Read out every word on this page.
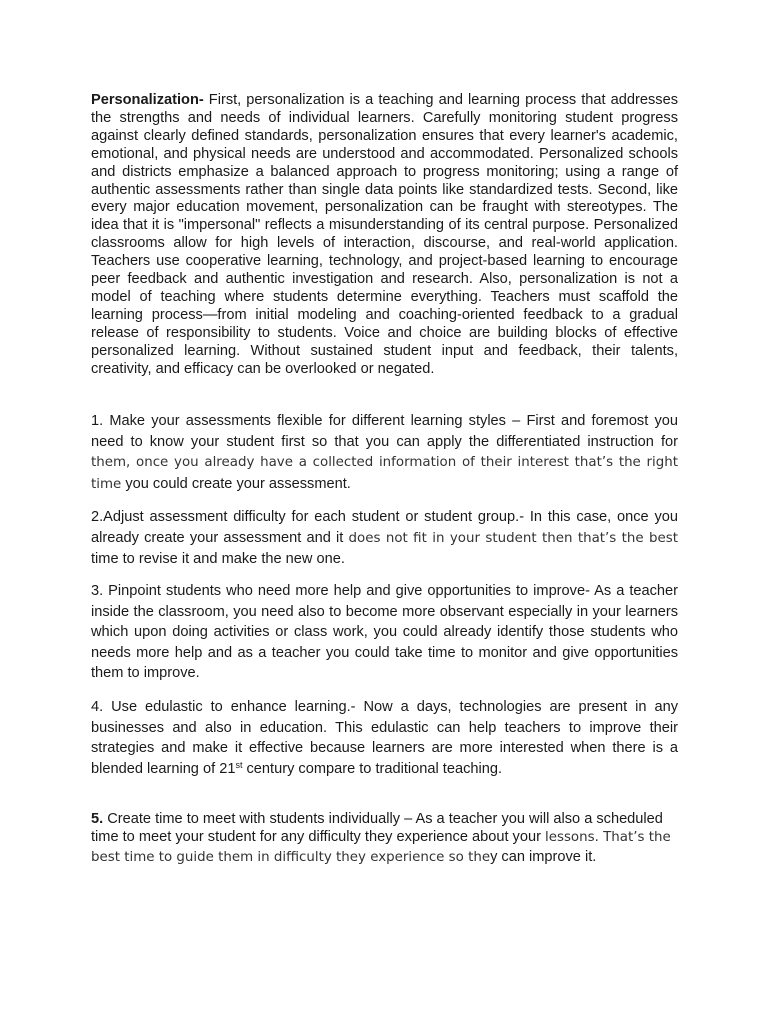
Personalization- First, personalization is a teaching and learning process that addresses the strengths and needs of individual learners. Carefully monitoring student progress against clearly defined standards, personalization ensures that every learner's academic, emotional, and physical needs are understood and accommodated. Personalized schools and districts emphasize a balanced approach to progress monitoring; using a range of authentic assessments rather than single data points like standardized tests. Second, like every major education movement, personalization can be fraught with stereotypes. The idea that it is "impersonal" reflects a misunderstanding of its central purpose. Personalized classrooms allow for high levels of interaction, discourse, and real-world application. Teachers use cooperative learning, technology, and project-based learning to encourage peer feedback and authentic investigation and research. Also, personalization is not a model of teaching where students determine everything. Teachers must scaffold the learning process—from initial modeling and coaching-oriented feedback to a gradual release of responsibility to students. Voice and choice are building blocks of effective personalized learning. Without sustained student input and feedback, their talents, creativity, and efficacy can be overlooked or negated.

1. Make your assessments flexible for different learning styles – First and foremost you need to know your student first so that you can apply the differentiated instruction for them, once you already have a collected information of their interest that’s the right time you could create your assessment.

2.Adjust assessment difficulty for each student or student group.- In this case, once you already create your assessment and it does not fit in your student then that’s the best time to revise it and make the new one.

3. Pinpoint students who need more help and give opportunities to improve- As a teacher inside the classroom, you need also to become more observant especially in your learners which upon doing activities or class work, you could already identify those students who needs more help and as a teacher you could take time to monitor and give opportunities them to improve.

4. Use edulastic to enhance learning.- Now a days, technologies are present in any businesses and also in education. This edulastic can help teachers to improve their strategies and make it effective because learners are more interested when there is a blended learning of 21st century compare to traditional teaching.

5. Create time to meet with students individually – As a teacher you will also a scheduled time to meet your student for any difficulty they experience about your lessons. That’s the best time to guide them in difficulty they experience so they can improve it.
